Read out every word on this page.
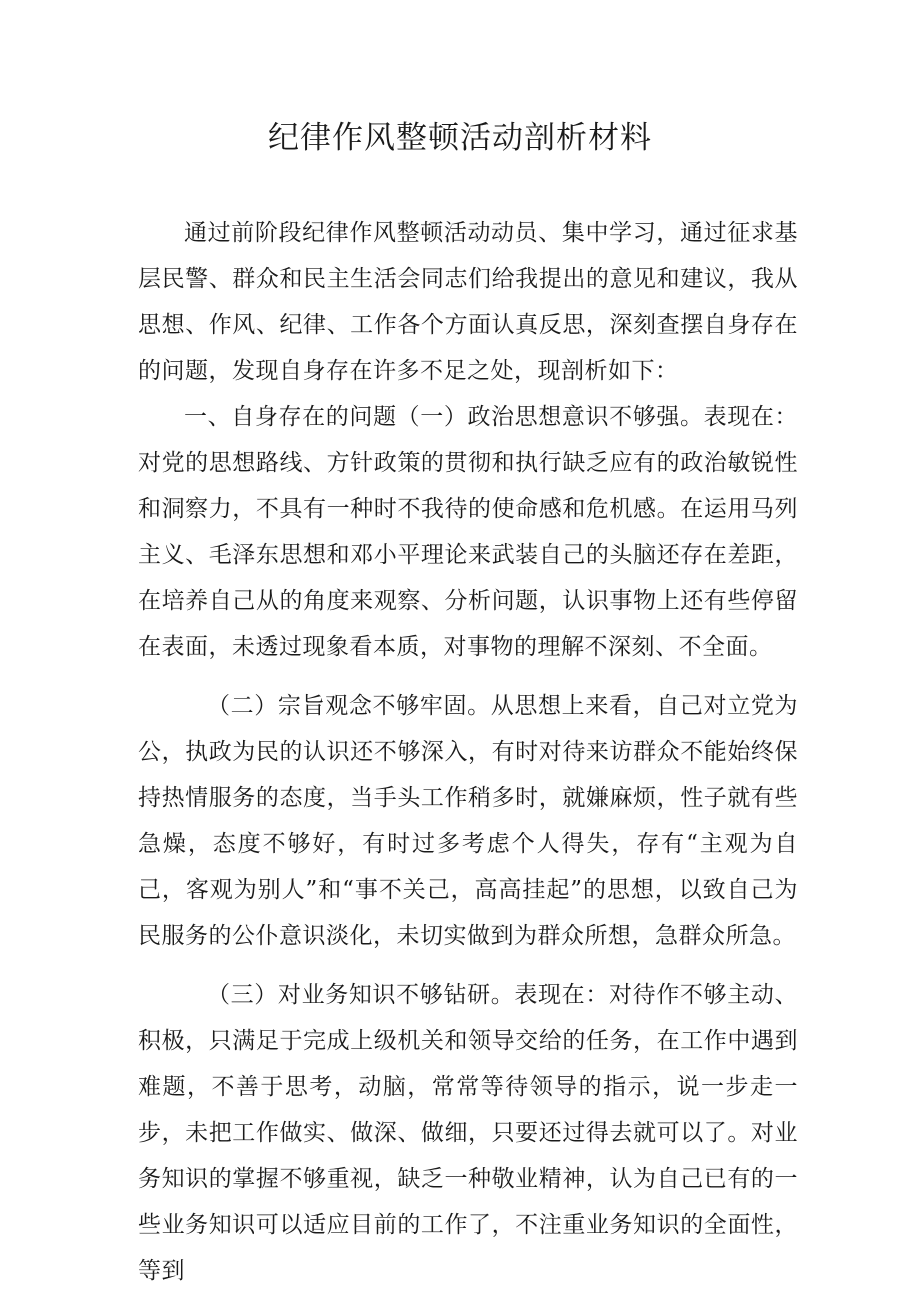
纪律作风整顿活动剖析材料

通过前阶段纪律作风整顿活动动员、集中学习，通过征求基层民警、群众和民主生活会同志们给我提出的意见和建议，我从思想、作风、纪律、工作各个方面认真反思，深刻查摆自身存在的问题，发现自身存在许多不足之处，现剖析如下：

一、自身存在的问题（一）政治思想意识不够强。表现在：对党的思想路线、方针政策的贯彻和执行缺乏应有的政治敏锐性和洞察力，不具有一种时不我待的使命感和危机感。在运用马列主义、毛泽东思想和邓小平理论来武装自己的头脑还存在差距，在培养自己从的角度来观察、分析问题，认识事物上还有些停留在表面，未透过现象看本质，对事物的理解不深刻、不全面。

（二）宗旨观念不够牢固。从思想上来看，自己对立党为公，执政为民的认识还不够深入，有时对待来访群众不能始终保持热情服务的态度，当手头工作稍多时，就嫌麻烦，性子就有些急燥，态度不够好，有时过多考虑个人得失，存有“主观为自己，客观为别人”和“事不关己，高高挂起”的思想，以致自己为民服务的公仆意识淡化，未切实做到为群众所想，急群众所急。

（三）对业务知识不够钻研。表现在：对待作不够主动、积极，只满足于完成上级机关和领导交给的任务，在工作中遇到难题，不善于思考，动脑，常常等待领导的指示，说一步走一步，未把工作做实、做深、做细，只要还过得去就可以了。对业务知识的掌握不够重视，缺乏一种敬业精神，认为自己已有的一些业务知识可以适应目前的工作了，不注重业务知识的全面性，等到
